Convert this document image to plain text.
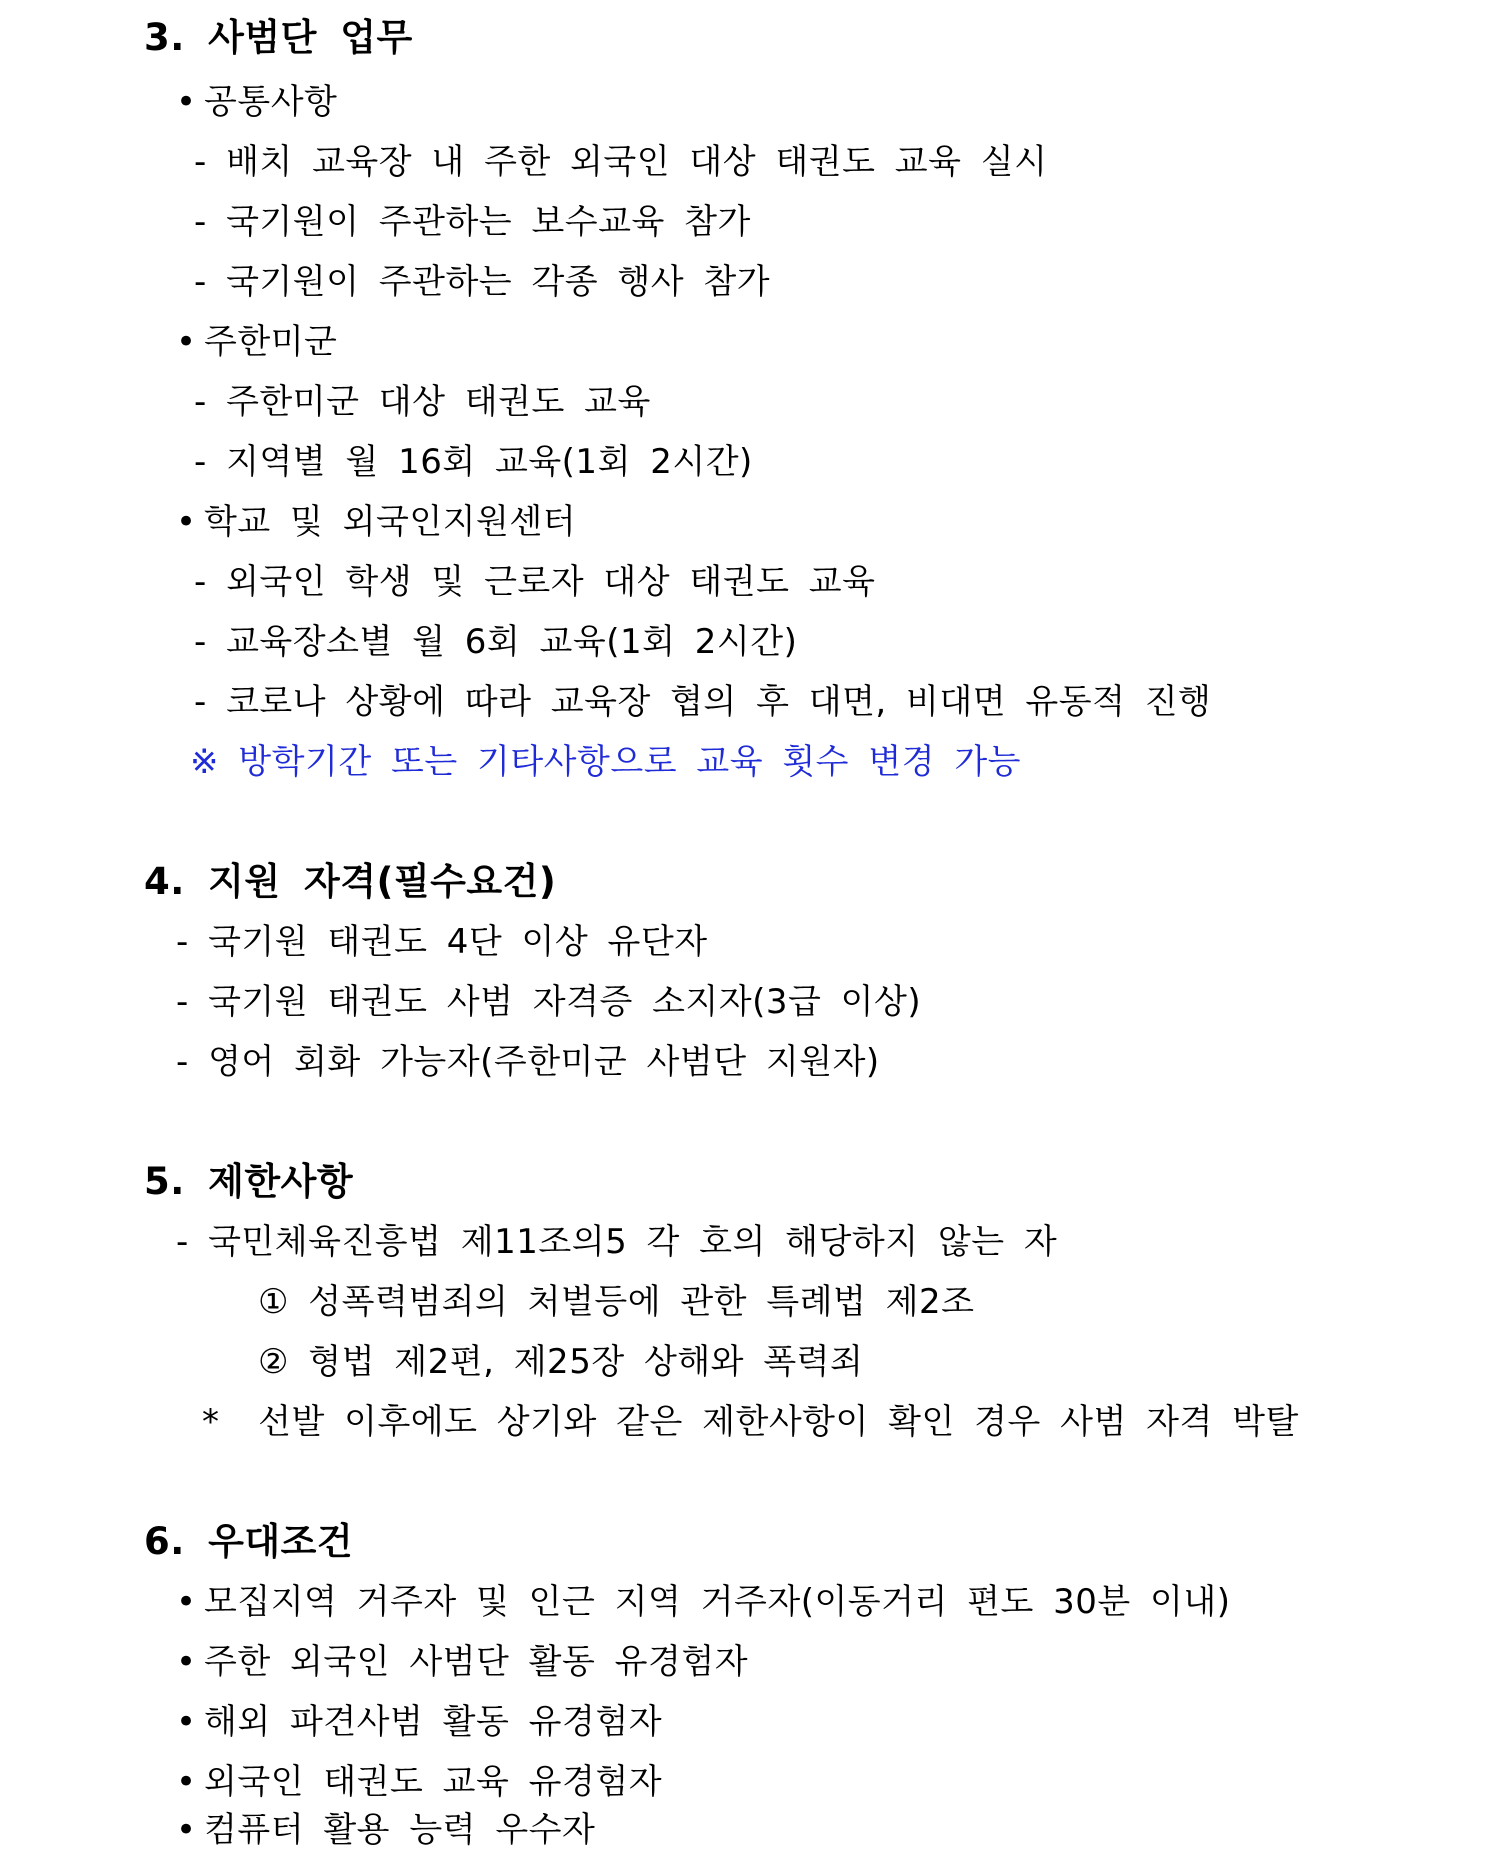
3. 사범단 업무
• 공통사항
- 배치 교육장 내 주한 외국인 대상 태권도 교육 실시
- 국기원이 주관하는 보수교육 참가
- 국기원이 주관하는 각종 행사 참가
• 주한미군
- 주한미군 대상 태권도 교육
- 지역별 월 16회 교육(1회 2시간)
• 학교 및 외국인지원센터
- 외국인 학생 및 근로자 대상 태권도 교육
- 교육장소별 월 6회 교육(1회 2시간)
- 코로나 상황에 따라 교육장 협의 후 대면, 비대면 유동적 진행
※ 방학기간 또는 기타사항으로 교육 횟수 변경 가능
4. 지원 자격(필수요건)
- 국기원 태권도 4단 이상 유단자
- 국기원 태권도 사범 자격증 소지자(3급 이상)
- 영어 회화 가능자(주한미군 사범단 지원자)
5. 제한사항
- 국민체육진흥법 제11조의5 각 호의 해당하지 않는 자
① 성폭력범죄의 처벌등에 관한 특례법 제2조
② 형법 제2편, 제25장 상해와 폭력죄
*  선발 이후에도 상기와 같은 제한사항이 확인 경우 사범 자격 박탈
6. 우대조건
• 모집지역 거주자 및 인근 지역 거주자(이동거리 편도 30분 이내)
• 주한 외국인 사범단 활동 유경험자
• 해외 파견사범 활동 유경험자
• 외국인 태권도 교육 유경험자
• 컴퓨터 활용 능력 우수자
